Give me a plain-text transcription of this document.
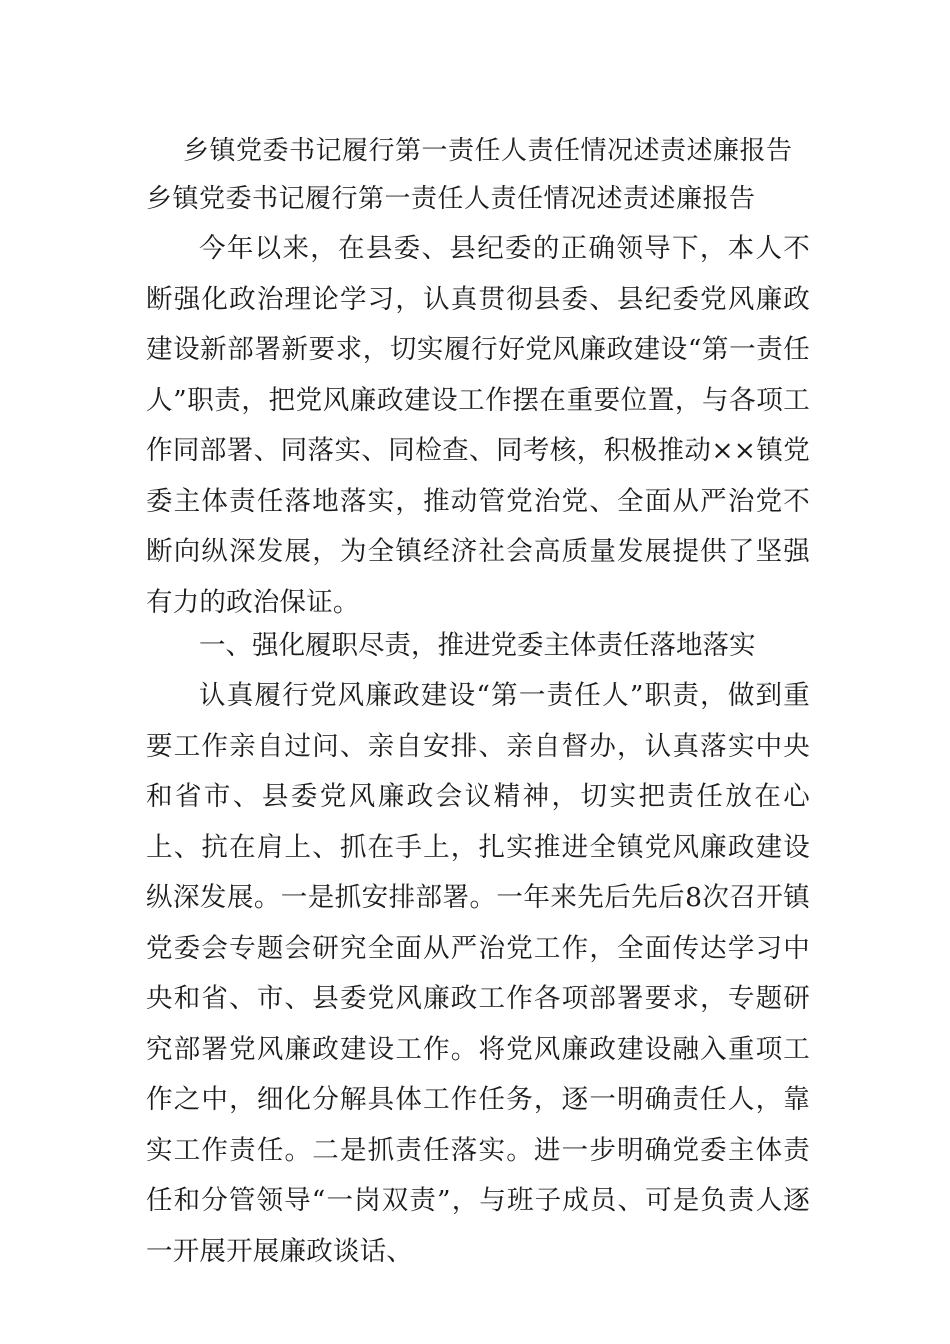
乡镇党委书记履行第一责任人责任情况述责述廉报告
乡镇党委书记履行第一责任人责任情况述责述廉报告

今年以来，在县委、县纪委的正确领导下，本人不断强化政治理论学习，认真贯彻县委、县纪委党风廉政建设新部署新要求，切实履行好党风廉政建设“第一责任人”职责，把党风廉政建设工作摆在重要位置，与各项工作同部署、同落实、同检查、同考核，积极推动××镇党委主体责任落地落实，推动管党治党、全面从严治党不断向纵深发展，为全镇经济社会高质量发展提供了坚强有力的政治保证。

一、强化履职尽责，推进党委主体责任落地落实

认真履行党风廉政建设“第一责任人”职责，做到重要工作亲自过问、亲自安排、亲自督办，认真落实中央和省市、县委党风廉政会议精神，切实把责任放在心上、抗在肩上、抓在手上，扎实推进全镇党风廉政建设纵深发展。一是抓安排部署。一年来先后先后8次召开镇党委会专题会研究全面从严治党工作，全面传达学习中央和省、市、县委党风廉政工作各项部署要求，专题研究部署党风廉政建设工作。将党风廉政建设融入重项工作之中，细化分解具体工作任务，逐一明确责任人，靠实工作责任。二是抓责任落实。进一步明确党委主体责任和分管领导“一岗双责”，与班子成员、可是负责人逐一开展开展廉政谈话、
